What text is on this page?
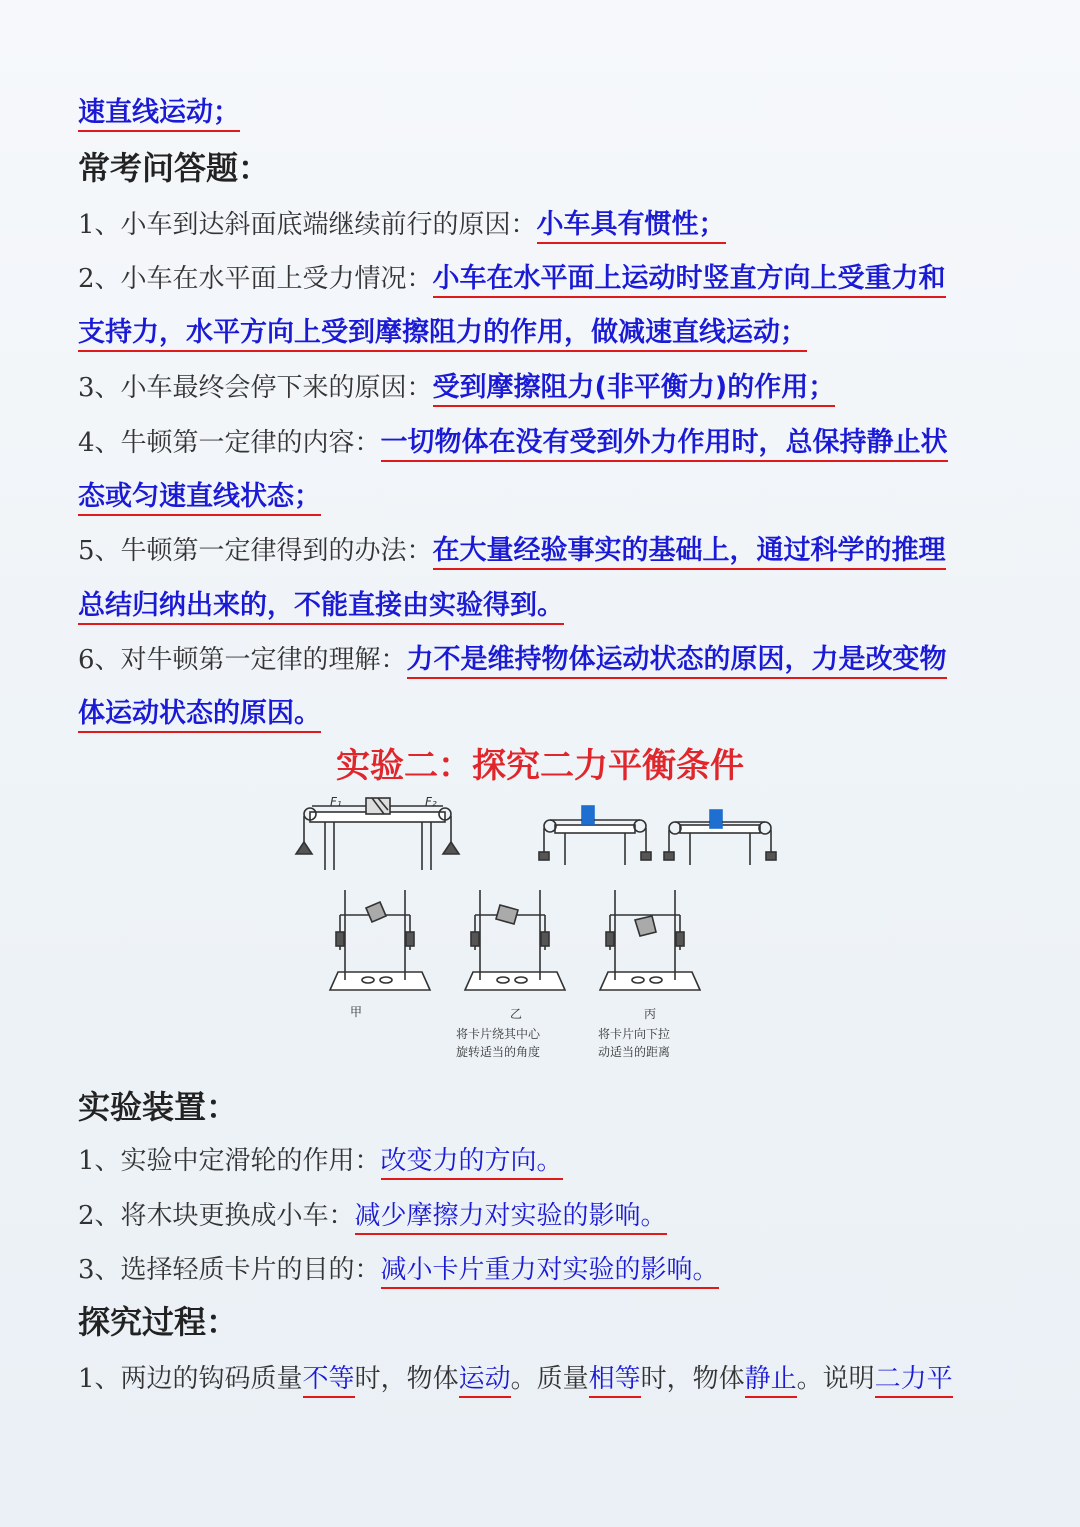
速直线运动；
常考问答题：
1、小车到达斜面底端继续前行的原因：小车具有惯性；
2、小车在水平面上受力情况：小车在水平面上运动时竖直方向上受重力和
支持力，水平方向上受到摩擦阻力的作用，做减速直线运动；
3、小车最终会停下来的原因：受到摩擦阻力(非平衡力)的作用；
4、牛顿第一定律的内容：一切物体在没有受到外力作用时，总保持静止状
态或匀速直线状态；
5、牛顿第一定律得到的办法：在大量经验事实的基础上，通过科学的推理
总结归纳出来的，不能直接由实验得到。
6、对牛顿第一定律的理解：力不是维持物体运动状态的原因，力是改变物
体运动状态的原因。
实验二：探究二力平衡条件
F₁	F₂
甲	乙
将卡片绕其中心
旋转适当的角度
丙
将卡片向下拉
动适当的距离
实验装置：
1、实验中定滑轮的作用：改变力的方向。
2、将木块更换成小车：减少摩擦力对实验的影响。
3、选择轻质卡片的目的：减小卡片重力对实验的影响。
探究过程：
1、两边的钩码质量不等时，物体运动。质量相等时，物体静止。说明二力平
